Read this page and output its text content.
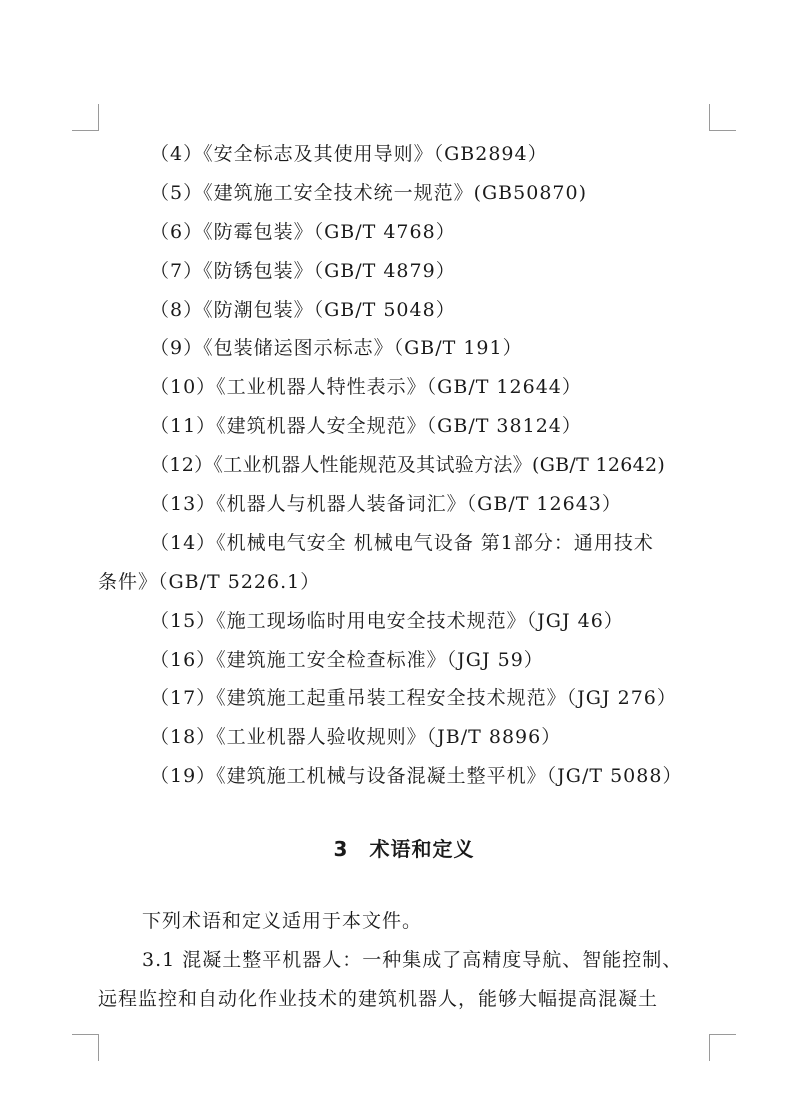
（4）《安全标志及其使用导则》（GB2894）
（5）《建筑施工安全技术统一规范》(GB50870)
（6）《防霉包装》（GB/T 4768）
（7）《防锈包装》（GB/T 4879）
（8）《防潮包装》（GB/T 5048）
（9）《包装储运图示标志》（GB/T 191）
（10）《工业机器人特性表示》（GB/T 12644）
（11）《建筑机器人安全规范》（GB/T 38124）
（12）《工业机器人性能规范及其试验方法》(GB/T 12642)
（13）《机器人与机器人装备词汇》（GB/T 12643）
（14）《机械电气安全 机械电气设备 第1部分：通用技术
条件》（GB/T 5226.1）
（15）《施工现场临时用电安全技术规范》（JGJ 46）
（16）《建筑施工安全检查标准》（JGJ 59）
（17）《建筑施工起重吊装工程安全技术规范》（JGJ 276）
（18）《工业机器人验收规则》（JB/T 8896）
（19）《建筑施工机械与设备混凝土整平机》（JG/T 5088）
3　术语和定义
下列术语和定义适用于本文件。
3.1 混凝土整平机器人：一种集成了高精度导航、智能控制、
远程监控和自动化作业技术的建筑机器人，能够大幅提高混凝土
